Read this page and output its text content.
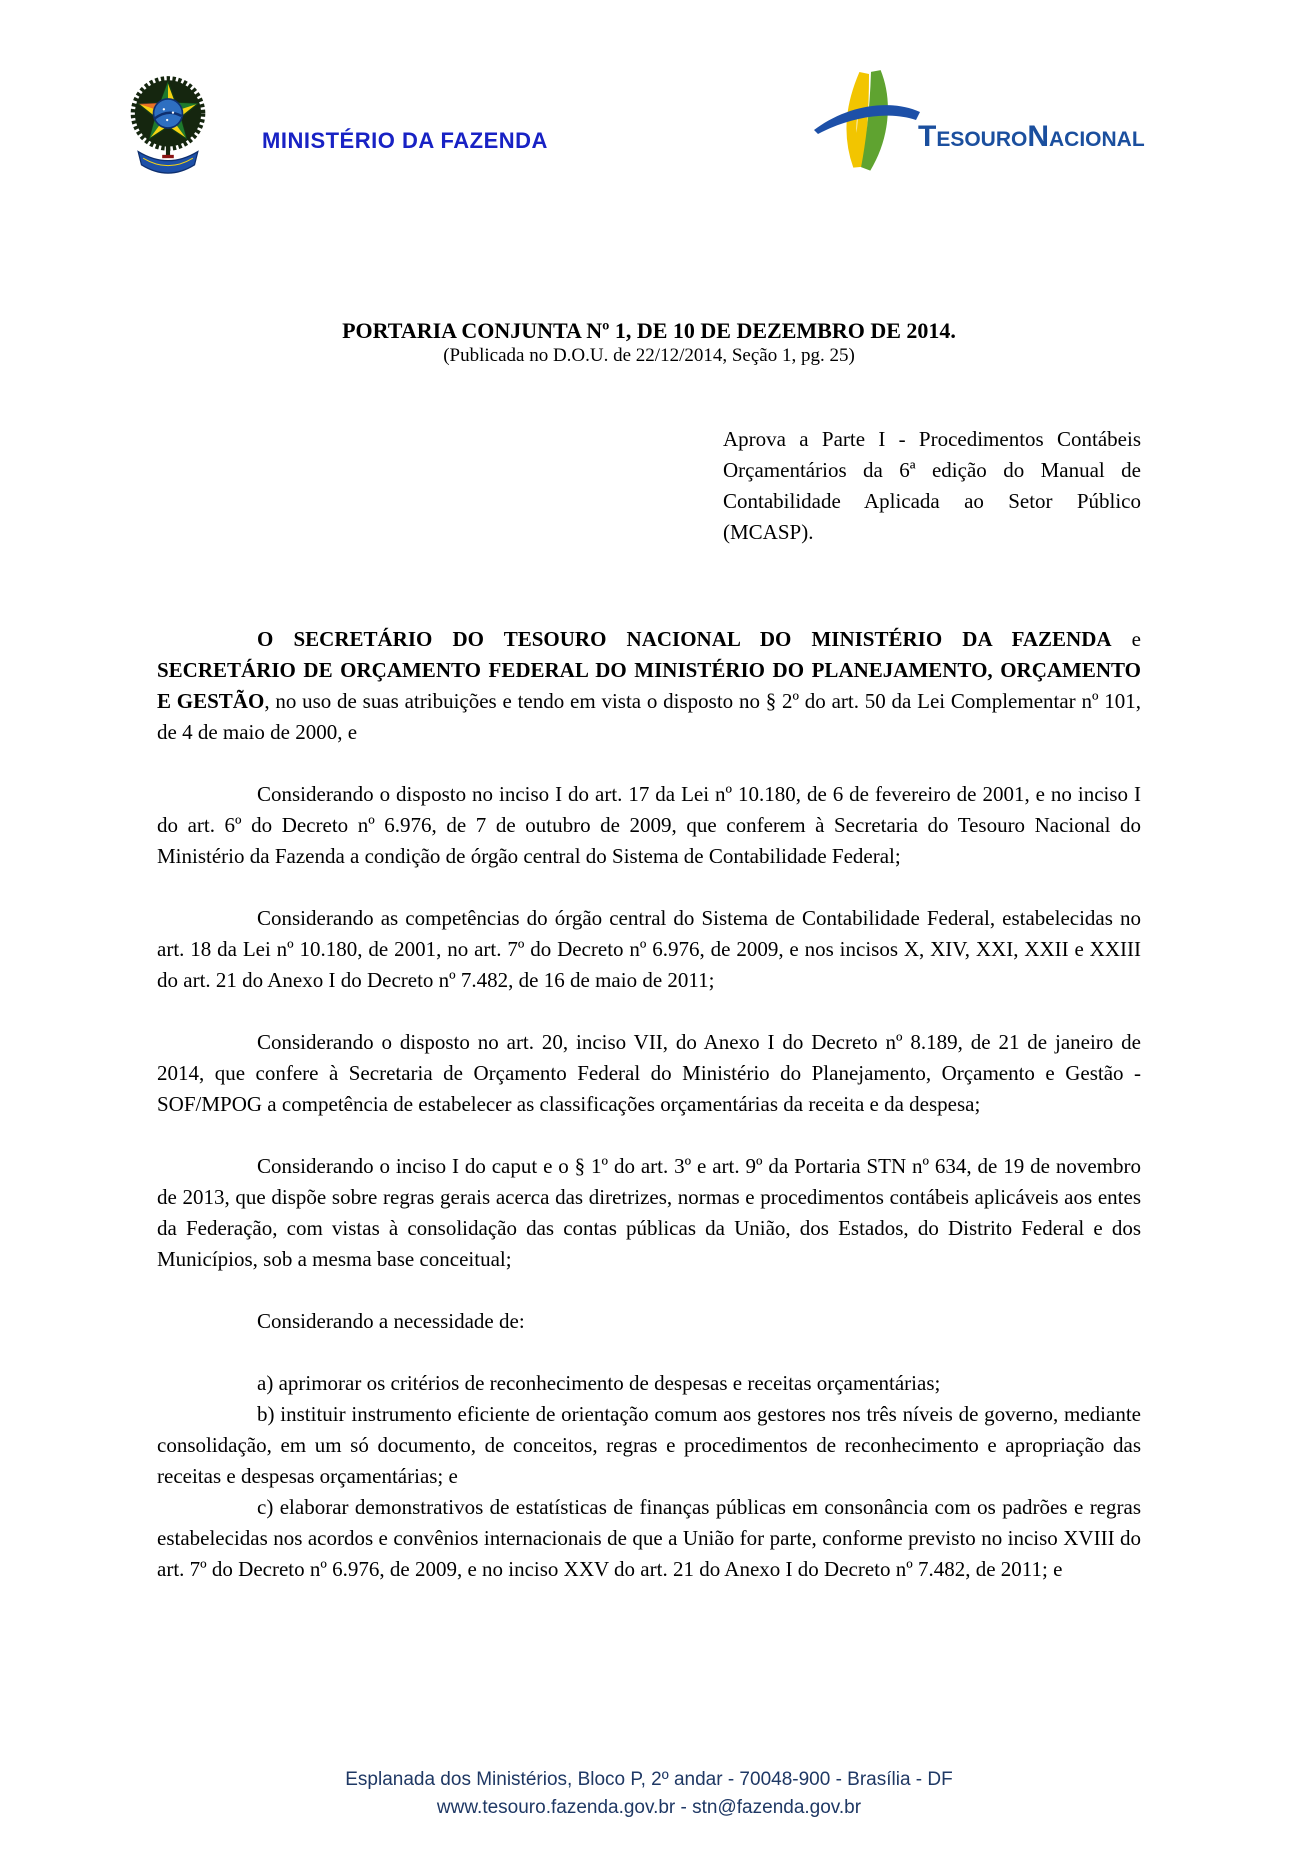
MINISTÉRIO DA FAZENDA	TesouroNacional

PORTARIA CONJUNTA Nº 1, DE 10 DE DEZEMBRO DE 2014.

(Publicada no D.O.U. de 22/12/2014, Seção 1, pg. 25)

Aprova a Parte I - Procedimentos Contábeis Orçamentários da 6ª edição do Manual de Contabilidade Aplicada ao Setor Público (MCASP).

O SECRETÁRIO DO TESOURO NACIONAL DO MINISTÉRIO DA FAZENDA e SECRETÁRIO DE ORÇAMENTO FEDERAL DO MINISTÉRIO DO PLANEJAMENTO, ORÇAMENTO E GESTÃO, no uso de suas atribuições e tendo em vista o disposto no § 2º do art. 50 da Lei Complementar nº 101, de 4 de maio de 2000, e

Considerando o disposto no inciso I do art. 17 da Lei nº 10.180, de 6 de fevereiro de 2001, e no inciso I do art. 6º do Decreto nº 6.976, de 7 de outubro de 2009, que conferem à Secretaria do Tesouro Nacional do Ministério da Fazenda a condição de órgão central do Sistema de Contabilidade Federal;

Considerando as competências do órgão central do Sistema de Contabilidade Federal, estabelecidas no art. 18 da Lei nº 10.180, de 2001, no art. 7º do Decreto nº 6.976, de 2009, e nos incisos X, XIV, XXI, XXII e XXIII do art. 21 do Anexo I do Decreto nº 7.482, de 16 de maio de 2011;

Considerando o disposto no art. 20, inciso VII, do Anexo I do Decreto nº 8.189, de 21 de janeiro de 2014, que confere à Secretaria de Orçamento Federal do Ministério do Planejamento, Orçamento e Gestão - SOF/MPOG a competência de estabelecer as classificações orçamentárias da receita e da despesa;

Considerando o inciso I do caput e o § 1º do art. 3º e art. 9º da Portaria STN nº 634, de 19 de novembro de 2013, que dispõe sobre regras gerais acerca das diretrizes, normas e procedimentos contábeis aplicáveis aos entes da Federação, com vistas à consolidação das contas públicas da União, dos Estados, do Distrito Federal e dos Municípios, sob a mesma base conceitual;

Considerando a necessidade de:

a) aprimorar os critérios de reconhecimento de despesas e receitas orçamentárias;

b) instituir instrumento eficiente de orientação comum aos gestores nos três níveis de governo, mediante consolidação, em um só documento, de conceitos, regras e procedimentos de reconhecimento e apropriação das receitas e despesas orçamentárias; e

c) elaborar demonstrativos de estatísticas de finanças públicas em consonância com os padrões e regras estabelecidas nos acordos e convênios internacionais de que a União for parte, conforme previsto no inciso XVIII do art. 7º do Decreto nº 6.976, de 2009, e no inciso XXV do art. 21 do Anexo I do Decreto nº 7.482, de 2011; e

Esplanada dos Ministérios, Bloco P, 2º andar - 70048-900 - Brasília - DF
www.tesouro.fazenda.gov.br - stn@fazenda.gov.br
